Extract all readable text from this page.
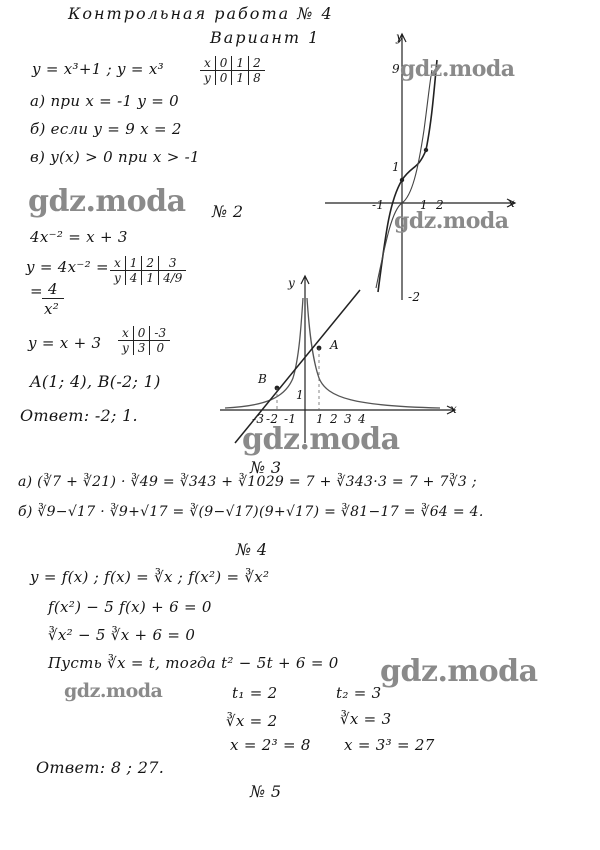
Контрольная работа № 4
Вариант 1
y = x³+1 ; y = x³	x	0	1	2
y	0	1	8
а) при x = -1 y = 0
б) если y = 9 x = 2
в) y(x) > 0 при x > -1
y
x
9
1
-1	1 2
-2
№ 2
4x⁻² = x + 3
y = 4x⁻² = x	1	2	3
y	4	1	4/9
= 4
x²
y = x + 3
x	0	-3
y	3	0
A(1; 4), B(-2; 1)
Ответ: -2; 1.
y
x
A
B
-3 -2 -1 1 2 3 4
1
№ 3
а) (∛7 + ∛21) · ∛49 = ∛343 + ∛1029 = 7 + ∛343·3 = 7 + 7∛3 ;
б) ∛9−√17 · ∛9+√17 = ∛(9−√17)(9+√17) = ∛81−17 = ∛64 = 4.
№ 4
y = f(x) ; f(x) = ∛x ; f(x²) = ∛x²
f(x²) − 5 f(x) + 6 = 0
∛x² − 5 ∛x + 6 = 0
Пусть ∛x = t, тогда t² − 5t + 6 = 0
t₁ = 2	t₂ = 3
∛x = 2	∛x = 3
x = 2³ = 8 x = 3³ = 27
Ответ: 8 ; 27.
№ 5
gdz.moda
gdz.moda
gdz.moda
gdz.moda
gdz.moda
gdz.moda
